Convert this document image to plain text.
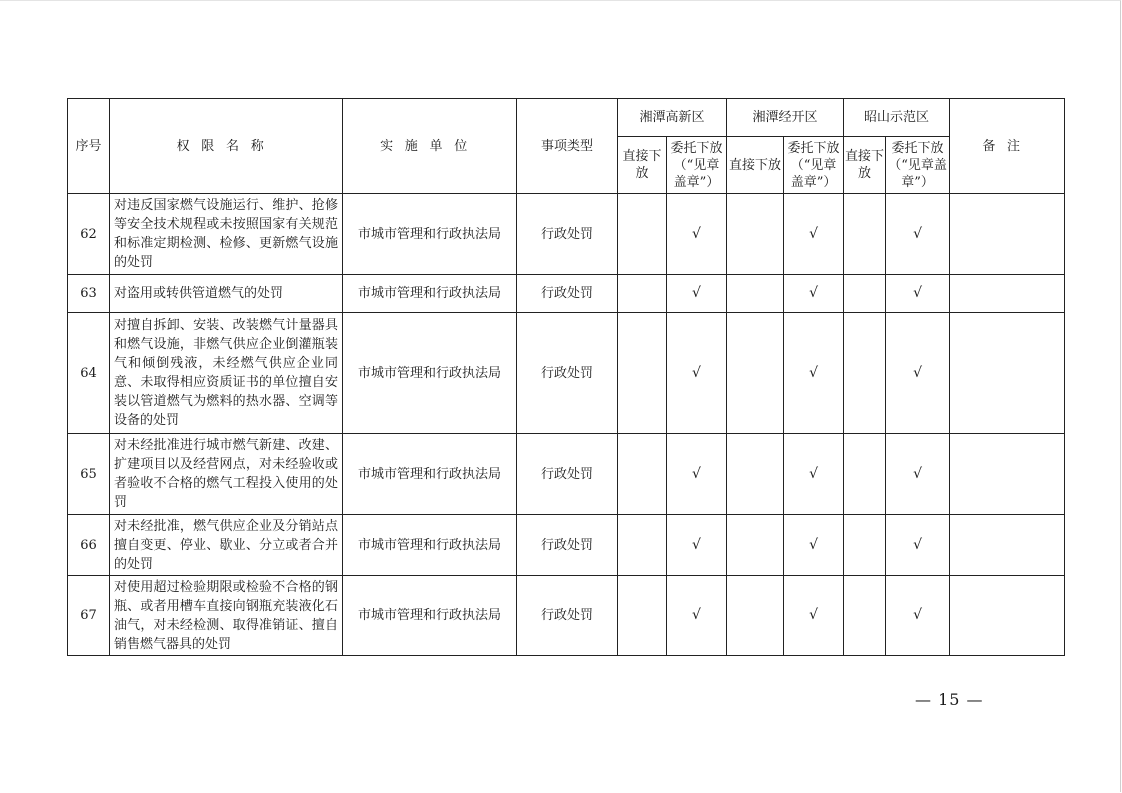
序号	权限名称	实施单位	事项类型	湘潭高新区		湘潭经开区		昭山示范区		备注
				直接下放	委托下放（“见章盖章”）	直接下放	委托下放（“见章盖章”）	直接下放	委托下放（“见章盖章”）	
62	对违反国家燃气设施运行、维护、抢修等安全技术规程或未按照国家有关规范和标准定期检测、检修、更新燃气设施的处罚	市城市管理和行政执法局	行政处罚		√		√		√	
63	对盗用或转供管道燃气的处罚	市城市管理和行政执法局	行政处罚		√		√		√	
64	对擅自拆卸、安装、改装燃气计量器具和燃气设施，非燃气供应企业倒灌瓶装气和倾倒残液，未经燃气供应企业同意、未取得相应资质证书的单位擅自安装以管道燃气为燃料的热水器、空调等设备的处罚	市城市管理和行政执法局	行政处罚		√		√		√	
65	对未经批准进行城市燃气新建、改建、扩建项目以及经营网点，对未经验收或者验收不合格的燃气工程投入使用的处罚	市城市管理和行政执法局	行政处罚		√		√		√	
66	对未经批准，燃气供应企业及分销站点擅自变更、停业、歇业、分立或者合并的处罚	市城市管理和行政执法局	行政处罚		√		√		√	
67	对使用超过检验期限或检验不合格的钢瓶、或者用槽车直接向钢瓶充装液化石油气，对未经检测、取得准销证、擅自销售燃气器具的处罚	市城市管理和行政执法局	行政处罚		√		√		√	
— 15 —
